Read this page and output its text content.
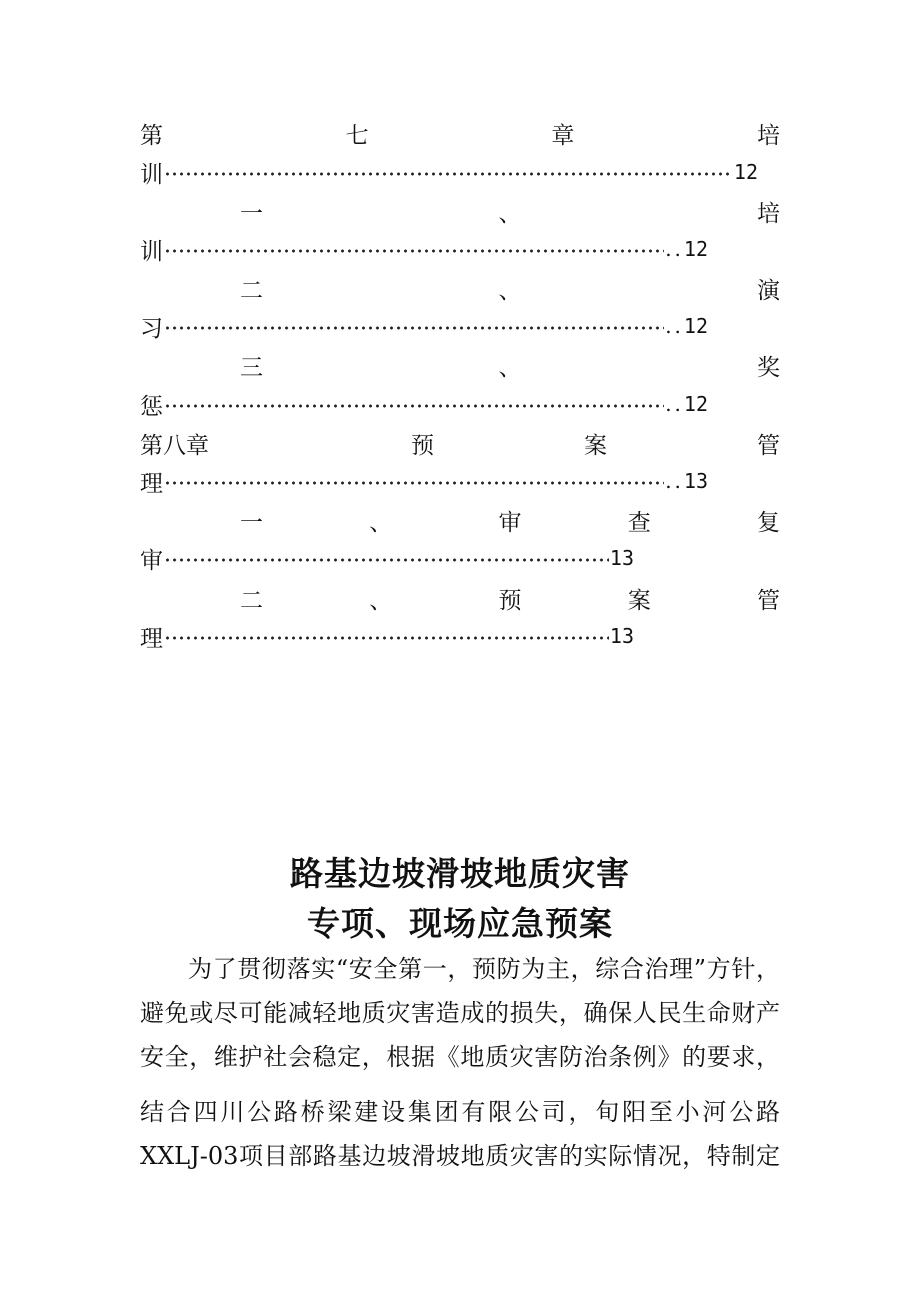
第	七	章	培
训	12
一	、	培
训	.. 12
二	、	演
习	.. 12
三	、	奖
惩	.. 12
第 八 章	预	案	管
理	.. 13
一	、	审	查	复
审	13
二	、	预	案	管
理	13
路基边坡滑坡地质灾害
专项、现场应急预案
为了贯彻落实“安全第一，预防为主，综合治理”方针，
避免或尽可能减轻地质灾害造成的损失，确保人民生命财产
安全，维护社会稳定，根据《地质灾害防治条例》的要求，
结合四川公路桥梁建设集团有限公司，旬阳至小河公路
XXLJ-03项目部路基边坡滑坡地质灾害的实际情况，特制定
